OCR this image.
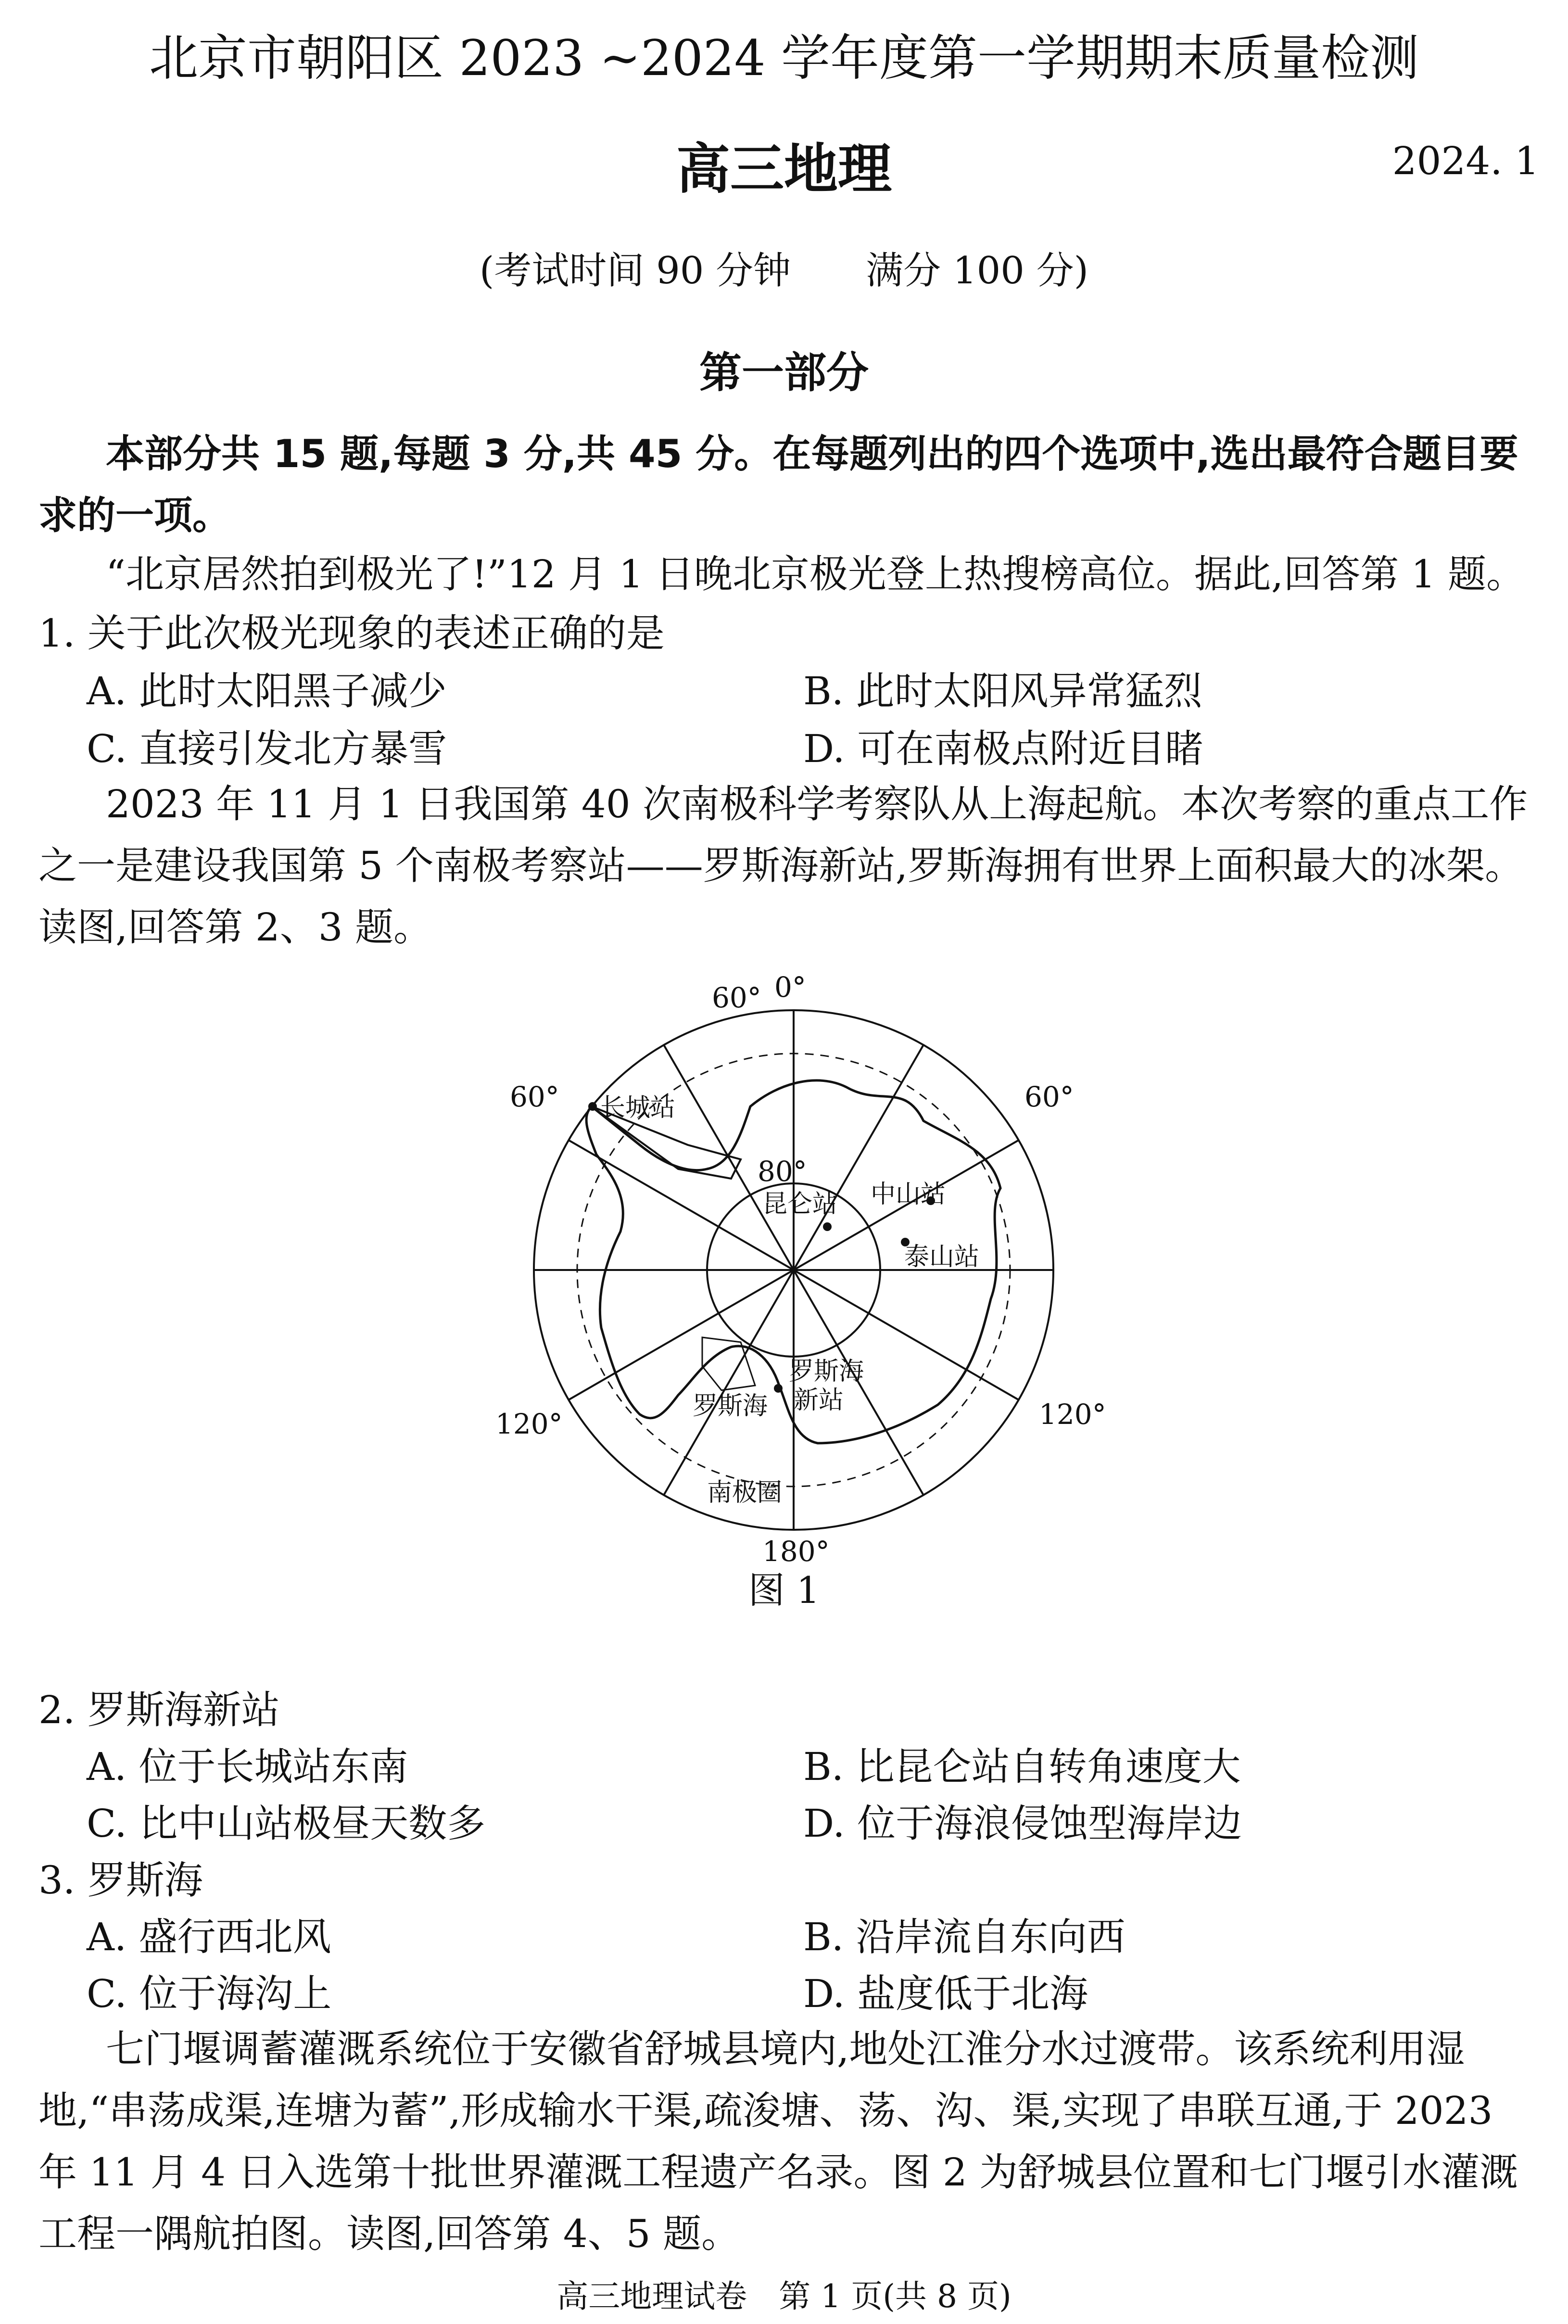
北京市朝阳区 2023 ~2024 学年度第一学期期末质量检测
高三地理	2024. 1
(考试时间 90 分钟　　满分 100 分)
第一部分
本部分共 15 题,每题 3 分,共 45 分。在每题列出的四个选项中,选出最符合题目要求的一项。
“北京居然拍到极光了!”12 月 1 日晚北京极光登上热搜榜高位。据此,回答第 1 题。
1. 关于此次极光现象的表述正确的是
A. 此时太阳黑子减少	B. 此时太阳风异常猛烈
C. 直接引发北方暴雪	D. 可在南极点附近目睹
2023 年 11 月 1 日我国第 40 次南极科学考察队从上海起航。本次考察的重点工作之一是建设我国第 5 个南极考察站——罗斯海新站,罗斯海拥有世界上面积最大的冰架。读图,回答第 2、3 题。
0°
60°
60°	60°
80°
120°	120°
180°
长城站
昆仑站 中山站
泰山站
罗斯海
新站
罗斯海
南极圈
图 1
2. 罗斯海新站
A. 位于长城站东南	B. 比昆仑站自转角速度大
C. 比中山站极昼天数多	D. 位于海浪侵蚀型海岸边
3. 罗斯海
A. 盛行西北风	B. 沿岸流自东向西
C. 位于海沟上	D. 盐度低于北海
七门堰调蓄灌溉系统位于安徽省舒城县境内,地处江淮分水过渡带。该系统利用湿地,“串荡成渠,连塘为蓄”,形成输水干渠,疏浚塘、荡、沟、渠,实现了串联互通,于 2023 年 11 月 4 日入选第十批世界灌溉工程遗产名录。图 2 为舒城县位置和七门堰引水灌溉工程一隅航拍图。读图,回答第 4、5 题。
高三地理试卷　第 1 页(共 8 页)
